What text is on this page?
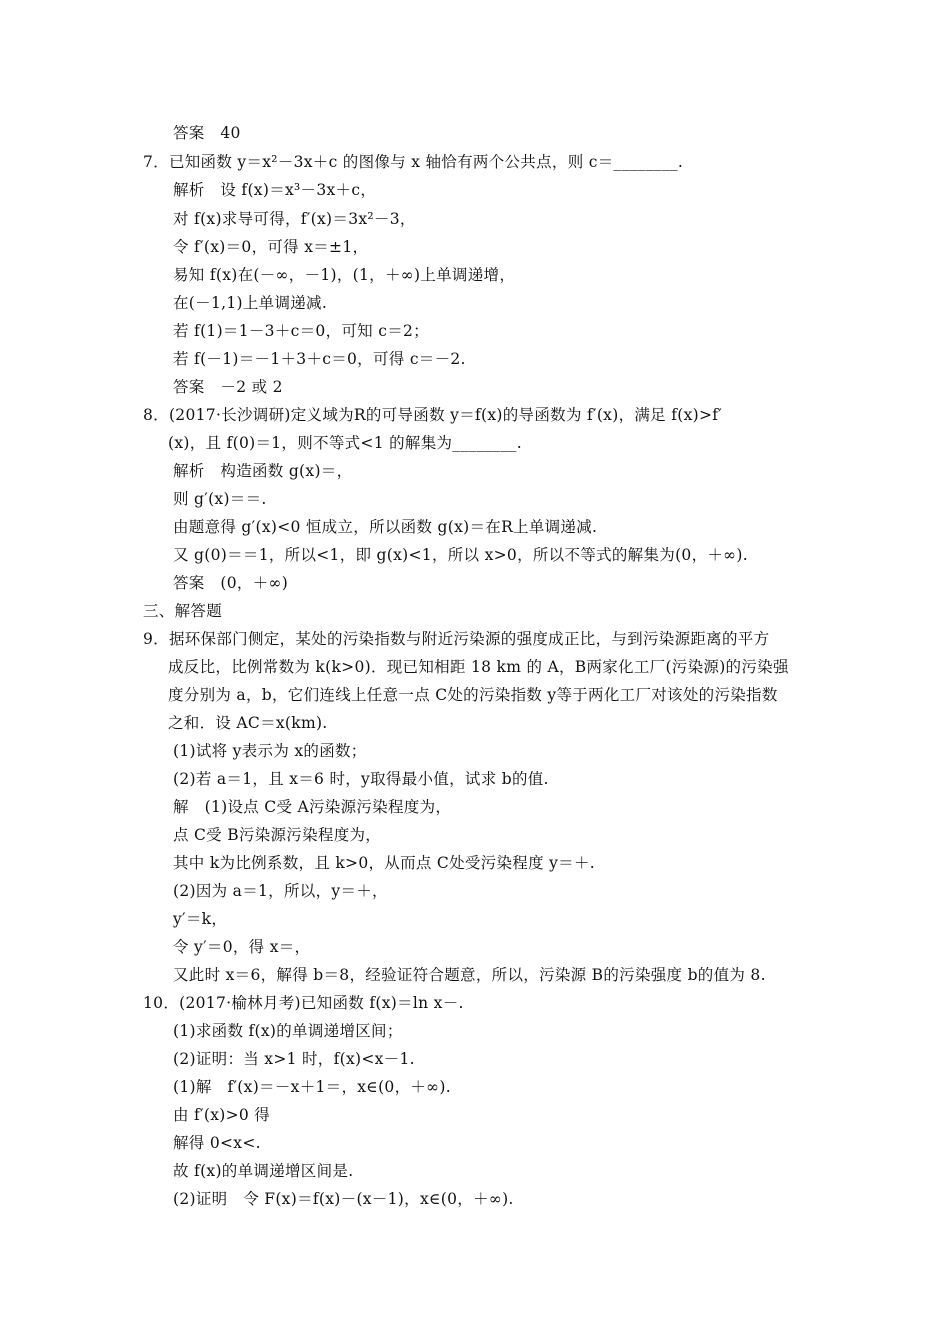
答案　40
7．已知函数 y＝x²－3x＋c 的图像与 x 轴恰有两个公共点，则 c＝________.
解析　设 f(x)＝x³－3x＋c，
对 f(x)求导可得，f′(x)＝3x²－3，
令 f′(x)＝0，可得 x＝±1，
易知 f(x)在(－∞，－1)，(1，＋∞)上单调递增，
在(－1,1)上单调递减.
若 f(1)＝1－3＋c＝0，可知 c＝2；
若 f(－1)＝－1＋3＋c＝0，可得 c＝－2.
答案　－2 或 2
8．(2017·长沙调研)定义域为R的可导函数 y＝f(x)的导函数为 f′(x)，满足 f(x)>f′
(x)，且 f(0)＝1，则不等式<1 的解集为________.
解析　构造函数 g(x)＝，
则 g′(x)＝＝.
由题意得 g′(x)<0 恒成立，所以函数 g(x)＝在R上单调递减.
又 g(0)＝＝1，所以<1，即 g(x)<1，所以 x>0，所以不等式的解集为(0，＋∞).
答案　(0，＋∞)
三、解答题
9．据环保部门侧定，某处的污染指数与附近污染源的强度成正比，与到污染源距离的平方
成反比，比例常数为 k(k>0)．现已知相距 18 km 的 A，B两家化工厂(污染源)的污染强
度分别为 a，b，它们连线上任意一点 C处的污染指数 y等于两化工厂对该处的污染指数
之和．设 AC＝x(km).
(1)试将 y表示为 x的函数；
(2)若 a＝1，且 x＝6 时，y取得最小值，试求 b的值.
解　(1)设点 C受 A污染源污染程度为，
点 C受 B污染源污染程度为，
其中 k为比例系数，且 k>0，从而点 C处受污染程度 y＝＋.
(2)因为 a＝1，所以，y＝＋，
y′＝k，
令 y′＝0，得 x＝，
又此时 x＝6，解得 b＝8，经验证符合题意，所以，污染源 B的污染强度 b的值为 8.
10．(2017·榆林月考)已知函数 f(x)＝ln x－.
(1)求函数 f(x)的单调递增区间；
(2)证明：当 x>1 时，f(x)<x－1.
(1)解　f′(x)＝－x＋1＝，x∈(0，＋∞).
由 f′(x)>0 得
解得 0<x<.
故 f(x)的单调递增区间是.
(2)证明　令 F(x)＝f(x)－(x－1)，x∈(0，＋∞).
